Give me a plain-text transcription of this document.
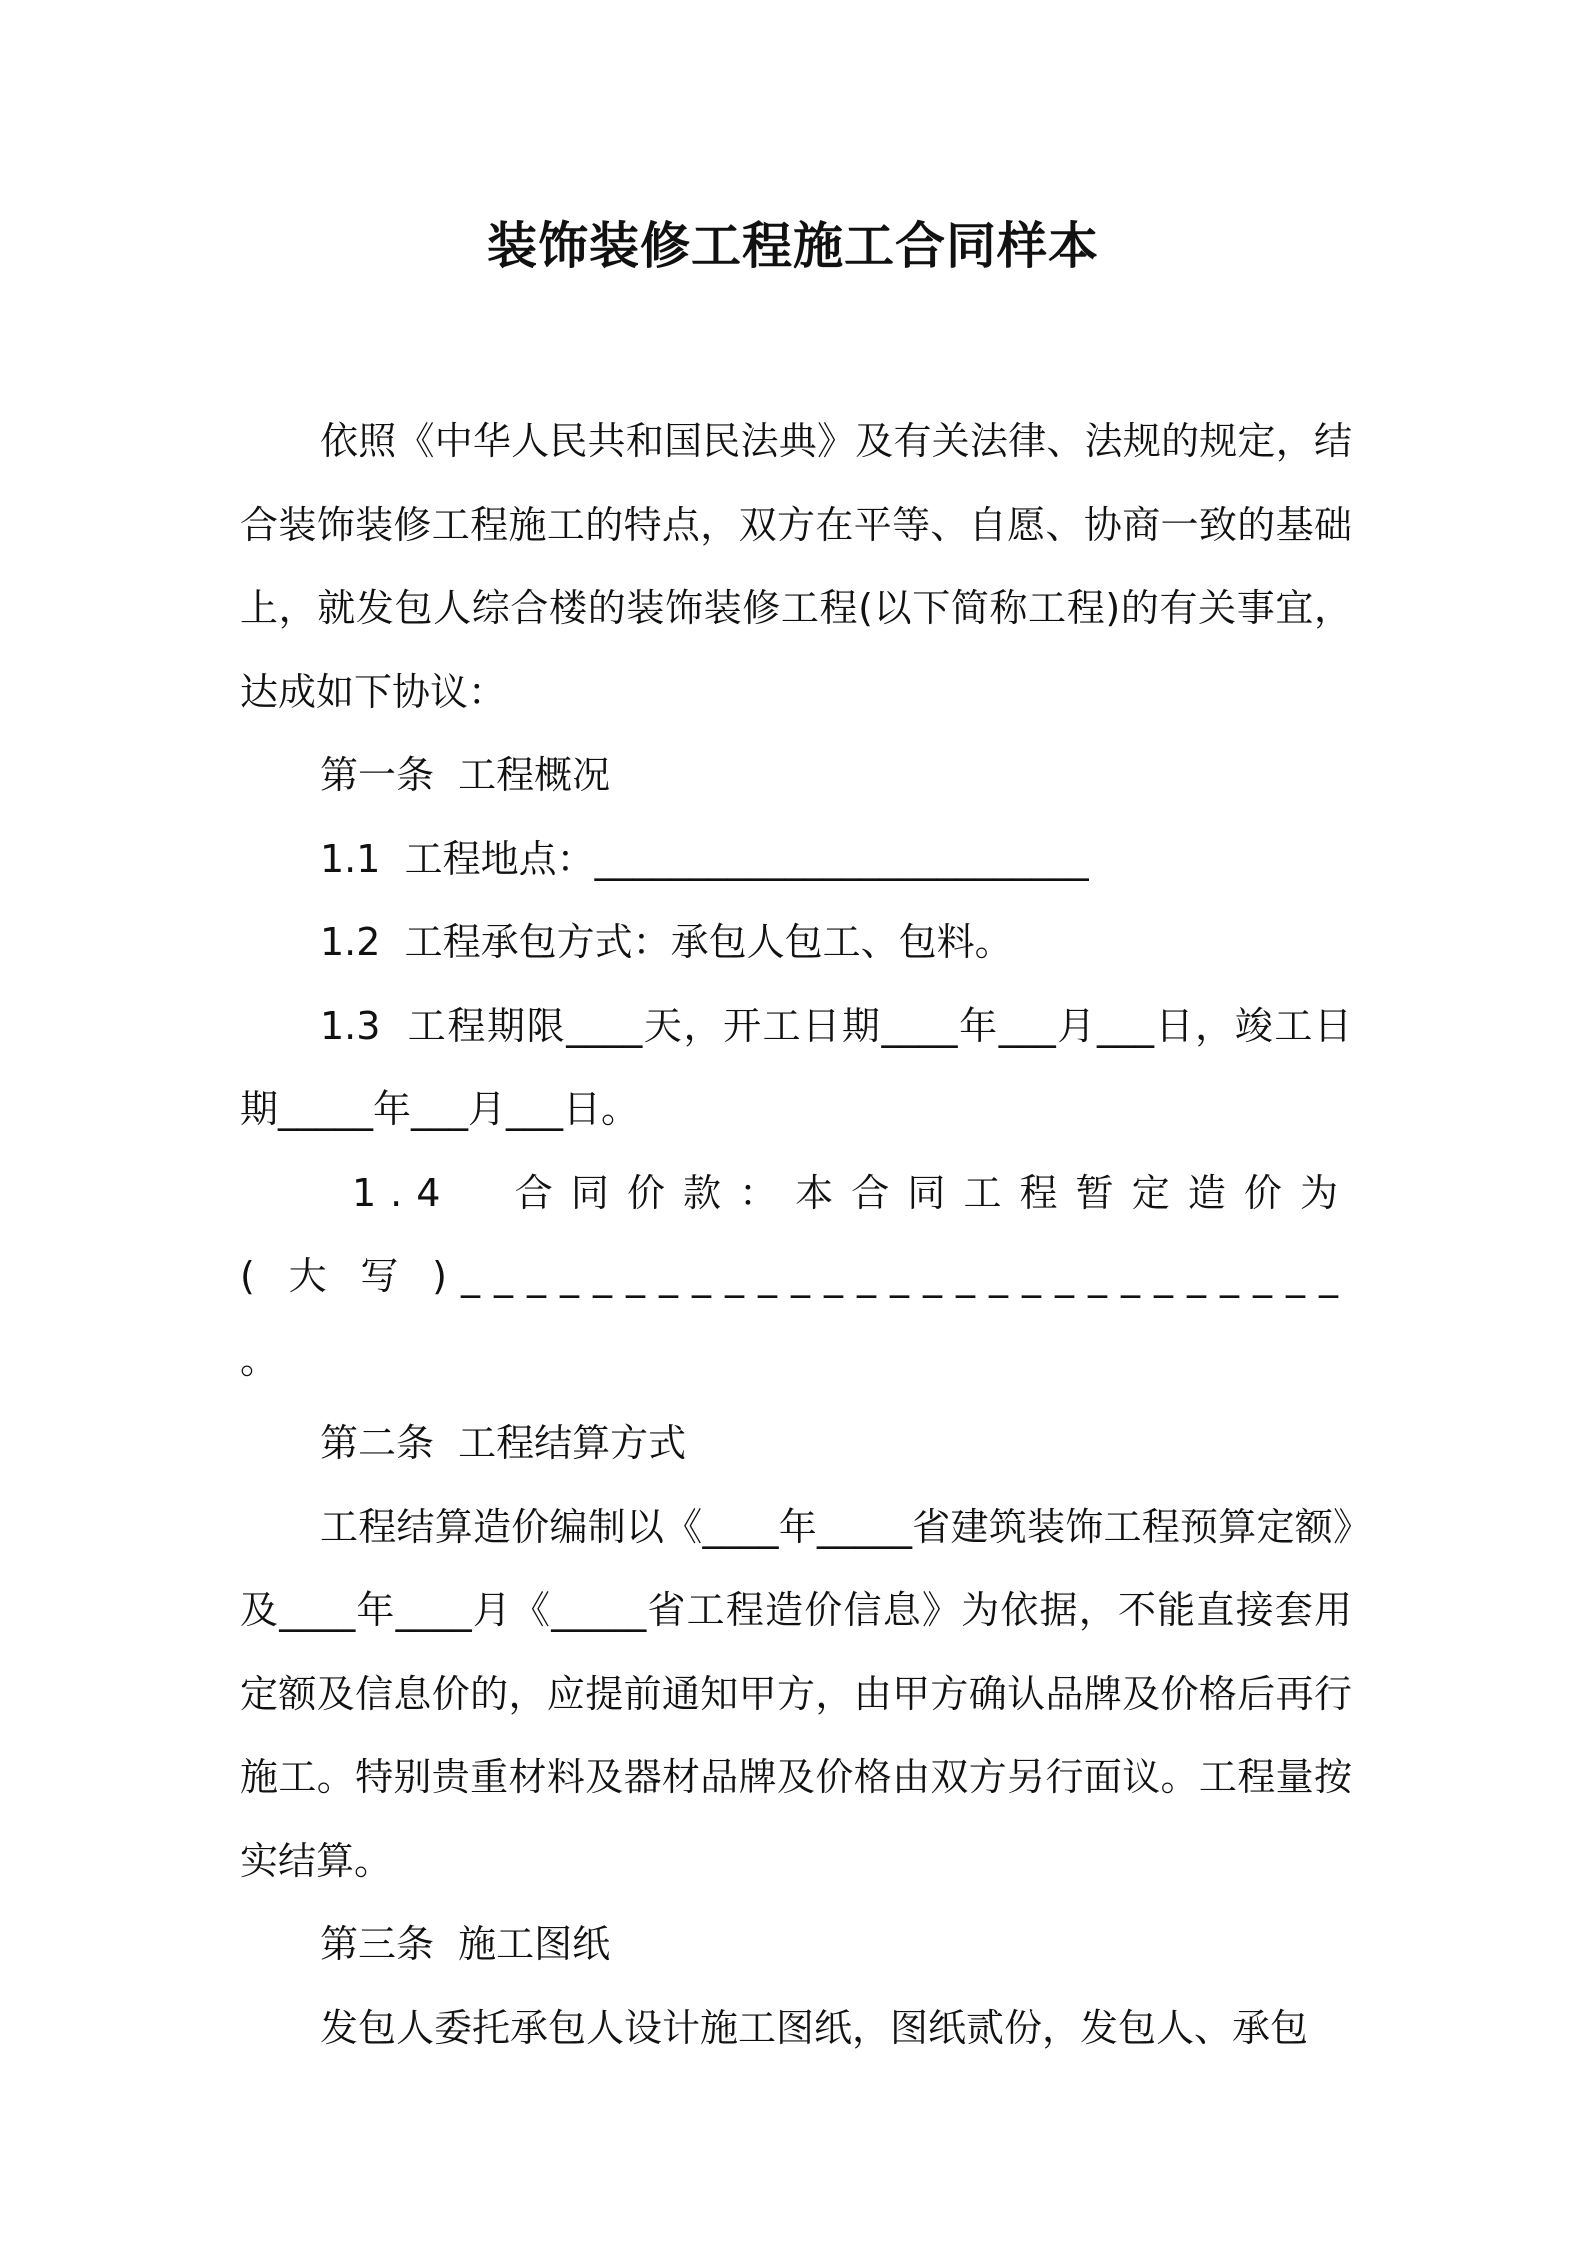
装饰装修工程施工合同样本

依照《中华人民共和国民法典》及有关法律、法规的规定，结合装饰装修工程施工的特点，双方在平等、自愿、协商一致的基础上，就发包人综合楼的装饰装修工程(以下简称工程)的有关事宜，达成如下协议：

第一条  工程概况

1.1  工程地点：__________________________

1.2  工程承包方式：承包人包工、包料。

1.3  工程期限____天，开工日期____年___月___日，竣工日期_____年___月___日。

1.4  合同价款：本合同工程暂定造价为(大写)___________________________ 。

第二条  工程结算方式

工程结算造价编制以《____年_____省建筑装饰工程预算定额》及____年____月《_____省工程造价信息》为依据，不能直接套用定额及信息价的，应提前通知甲方，由甲方确认品牌及价格后再行施工。特别贵重材料及器材品牌及价格由双方另行面议。工程量按实结算。

第三条  施工图纸

发包人委托承包人设计施工图纸，图纸贰份，发包人、承包
